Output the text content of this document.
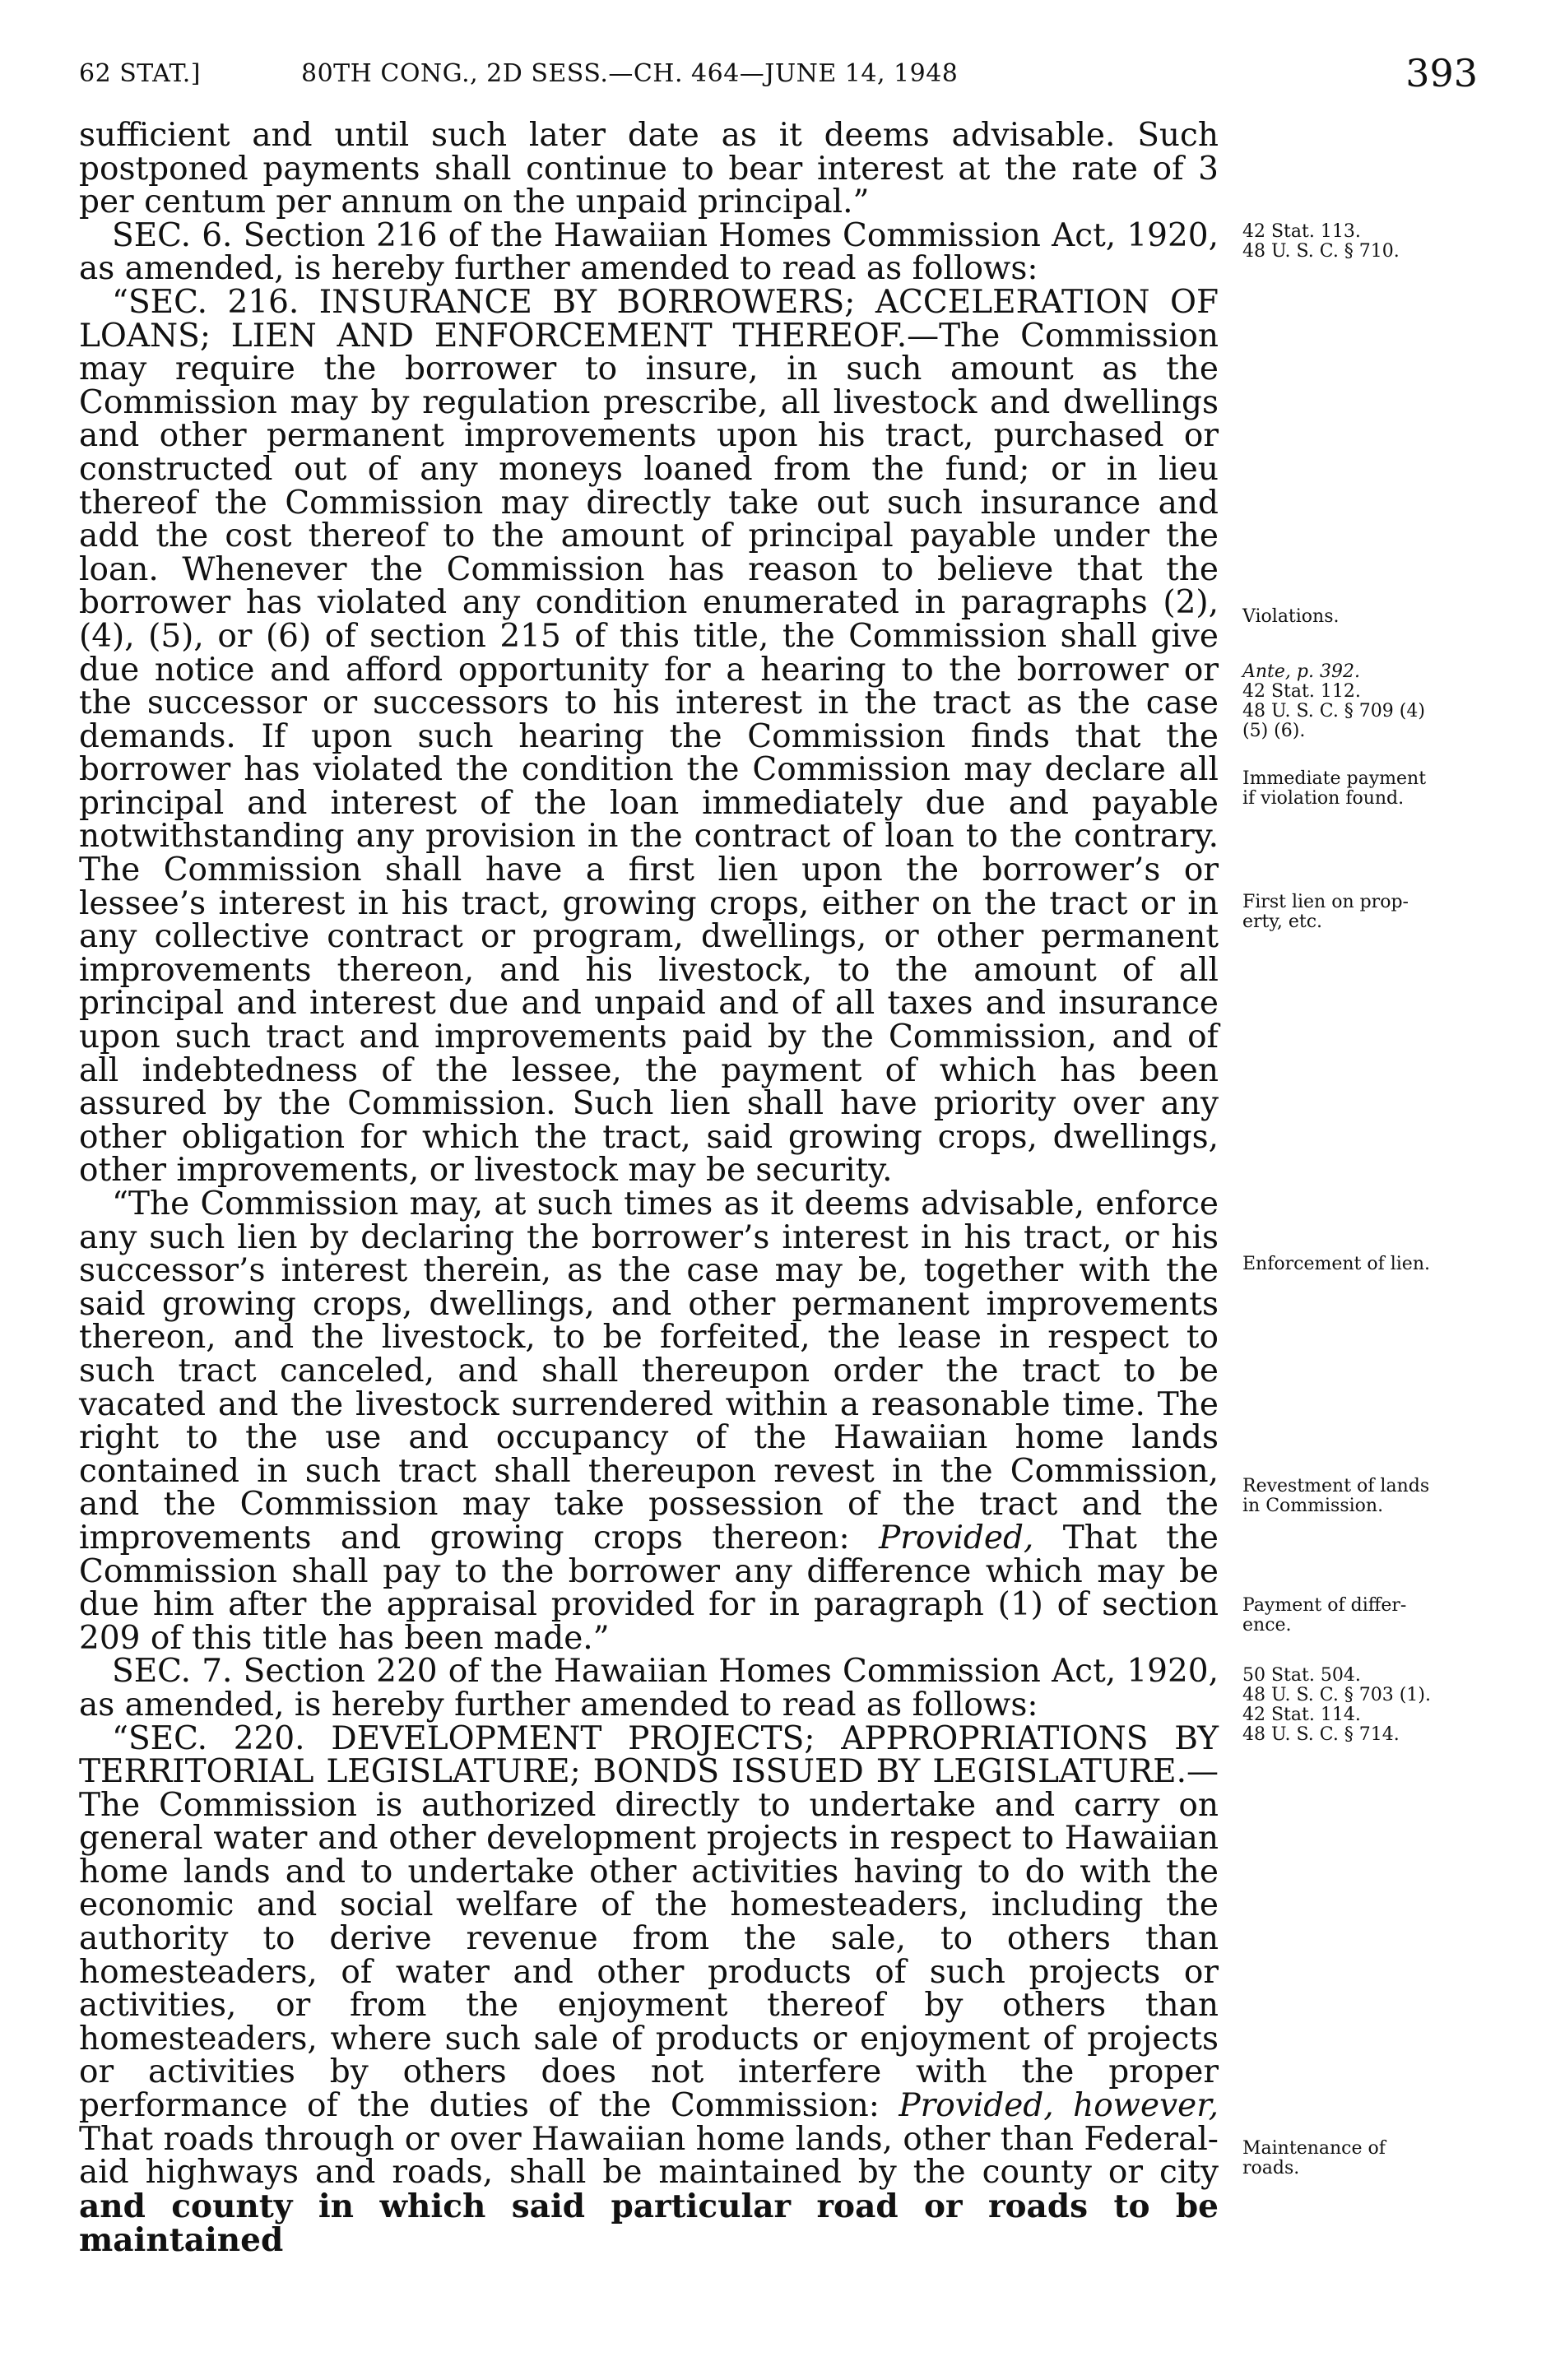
62 STAT.]	80TH CONG., 2D SESS.—CH. 464—JUNE 14, 1948	393

sufficient and until such later date as it deems advisable. Such postponed payments shall continue to bear interest at the rate of 3 per centum per annum on the unpaid principal.”

SEC. 6. Section 216 of the Hawaiian Homes Commission Act, 1920, as amended, is hereby further amended to read as follows:

“SEC. 216. INSURANCE BY BORROWERS; ACCELERATION OF LOANS; LIEN AND ENFORCEMENT THEREOF.—The Commission may require the borrower to insure, in such amount as the Commission may by regulation prescribe, all livestock and dwellings and other permanent improvements upon his tract, purchased or constructed out of any moneys loaned from the fund; or in lieu thereof the Commission may directly take out such insurance and add the cost thereof to the amount of principal payable under the loan. Whenever the Commission has reason to believe that the borrower has violated any condition enumerated in paragraphs (2), (4), (5), or (6) of section 215 of this title, the Commission shall give due notice and afford opportunity for a hearing to the borrower or the successor or successors to his interest in the tract as the case demands. If upon such hearing the Commission finds that the borrower has violated the condition the Commission may declare all principal and interest of the loan immediately due and payable notwithstanding any provision in the contract of loan to the contrary. The Commission shall have a first lien upon the borrower’s or lessee’s interest in his tract, growing crops, either on the tract or in any collective contract or program, dwellings, or other permanent improvements thereon, and his livestock, to the amount of all principal and interest due and unpaid and of all taxes and insurance upon such tract and improvements paid by the Commission, and of all indebtedness of the lessee, the payment of which has been assured by the Commission. Such lien shall have priority over any other obligation for which the tract, said growing crops, dwellings, other improvements, or livestock may be security.

“The Commission may, at such times as it deems advisable, enforce any such lien by declaring the borrower’s interest in his tract, or his successor’s interest therein, as the case may be, together with the said growing crops, dwellings, and other permanent improvements thereon, and the livestock, to be forfeited, the lease in respect to such tract canceled, and shall thereupon order the tract to be vacated and the livestock surrendered within a reasonable time. The right to the use and occupancy of the Hawaiian home lands contained in such tract shall thereupon revest in the Commission, and the Commission may take possession of the tract and the improvements and growing crops thereon: Provided, That the Commission shall pay to the borrower any difference which may be due him after the appraisal provided for in paragraph (1) of section 209 of this title has been made.”

SEC. 7. Section 220 of the Hawaiian Homes Commission Act, 1920, as amended, is hereby further amended to read as follows:

“SEC. 220. DEVELOPMENT PROJECTS; APPROPRIATIONS BY TERRITORIAL LEGISLATURE; BONDS ISSUED BY LEGISLATURE.—The Commission is authorized directly to undertake and carry on general water and other development projects in respect to Hawaiian home lands and to undertake other activities having to do with the economic and social welfare of the homesteaders, including the authority to derive revenue from the sale, to others than homesteaders, of water and other products of such projects or activities, or from the enjoyment thereof by others than homesteaders, where such sale of products or enjoyment of projects or activities by others does not interfere with the proper performance of the duties of the Commission: Provided, however, That roads through or over Hawaiian home lands, other than Federal-aid highways and roads, shall be maintained by the county or city and county in which said particular road or roads to be maintained

42 Stat. 113.
48 U. S. C. § 710.
Violations.
Ante, p. 392.
42 Stat. 112.
48 U. S. C. § 709 (4)
(5) (6).
Immediate payment
if violation found.
First lien on prop-
erty, etc.
Enforcement of lien.
Revestment of lands
in Commission.
Payment of differ-
ence.
50 Stat. 504.
48 U. S. C. § 703 (1).
42 Stat. 114.
48 U. S. C. § 714.
Maintenance of
roads.
